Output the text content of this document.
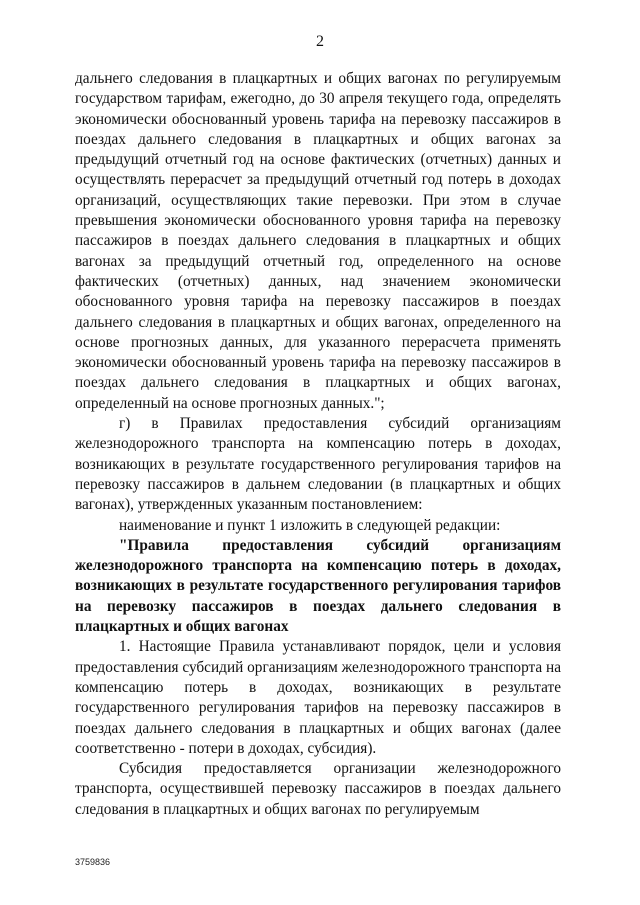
2

дальнего следования в плацкартных и общих вагонах по регулируемым государством тарифам, ежегодно, до 30 апреля текущего года, определять экономически обоснованный уровень тарифа на перевозку пассажиров в поездах дальнего следования в плацкартных и общих вагонах за предыдущий отчетный год на основе фактических (отчетных) данных и осуществлять перерасчет за предыдущий отчетный год потерь в доходах организаций, осуществляющих такие перевозки. При этом в случае превышения экономически обоснованного уровня тарифа на перевозку пассажиров в поездах дальнего следования в плацкартных и общих вагонах за предыдущий отчетный год, определенного на основе фактических (отчетных) данных, над значением экономически обоснованного уровня тарифа на перевозку пассажиров в поездах дальнего следования в плацкартных и общих вагонах, определенного на основе прогнозных данных, для указанного перерасчета применять экономически обоснованный уровень тарифа на перевозку пассажиров в поездах дальнего следования в плацкартных и общих вагонах, определенный на основе прогнозных данных.";

г) в Правилах предоставления субсидий организациям железнодорожного транспорта на компенсацию потерь в доходах, возникающих в результате государственного регулирования тарифов на перевозку пассажиров в дальнем следовании (в плацкартных и общих вагонах), утвержденных указанным постановлением:

наименование и пункт 1 изложить в следующей редакции:

"Правила предоставления субсидий организациям железнодорожного транспорта на компенсацию потерь в доходах, возникающих в результате государственного регулирования тарифов на перевозку пассажиров в поездах дальнего следования в плацкартных и общих вагонах

1. Настоящие Правила устанавливают порядок, цели и условия предоставления субсидий организациям железнодорожного транспорта на компенсацию потерь в доходах, возникающих в результате государственного регулирования тарифов на перевозку пассажиров в поездах дальнего следования в плацкартных и общих вагонах (далее соответственно - потери в доходах, субсидия).

Субсидия предоставляется организации железнодорожного транспорта, осуществившей перевозку пассажиров в поездах дальнего следования в плацкартных и общих вагонах по регулируемым

3759836
